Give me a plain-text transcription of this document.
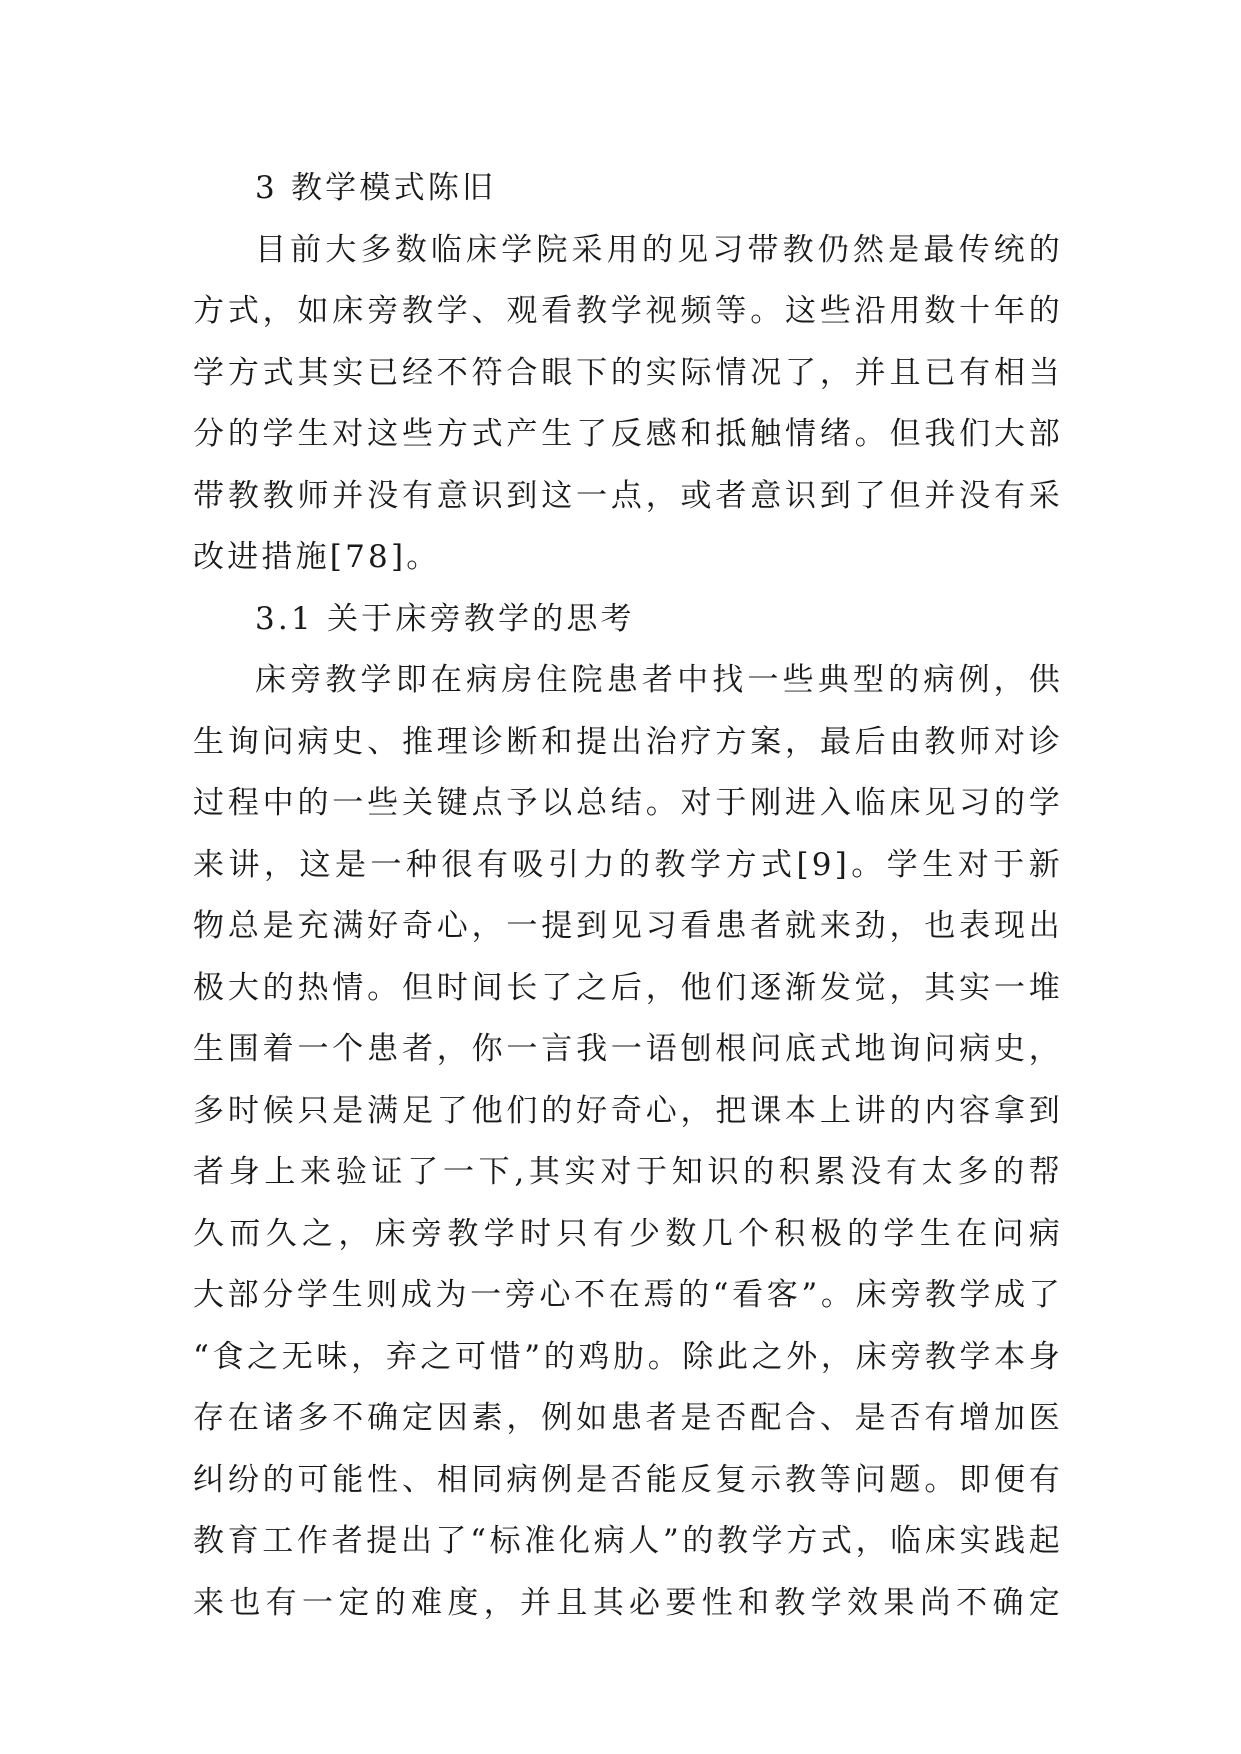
3 教学模式陈旧
目前大多数临床学院采用的见习带教仍然是最传统的
方式，如床旁教学、观看教学视频等。这些沿用数十年的
学方式其实已经不符合眼下的实际情况了，并且已有相当
分的学生对这些方式产生了反感和抵触情绪。但我们大部
带教教师并没有意识到这一点，或者意识到了但并没有采
改进措施[78]。
3.1 关于床旁教学的思考
床旁教学即在病房住院患者中找一些典型的病例，供
生询问病史、推理诊断和提出治疗方案，最后由教师对诊
过程中的一些关键点予以总结。对于刚进入临床见习的学
来讲，这是一种很有吸引力的教学方式[9]。学生对于新
物总是充满好奇心，一提到见习看患者就来劲，也表现出
极大的热情。但时间长了之后，他们逐渐发觉，其实一堆
生围着一个患者，你一言我一语刨根问底式地询问病史，
多时候只是满足了他们的好奇心，把课本上讲的内容拿到
者身上来验证了一下,其实对于知识的积累没有太多的帮
久而久之，床旁教学时只有少数几个积极的学生在问病
大部分学生则成为一旁心不在焉的“看客”。床旁教学成了
“食之无味，弃之可惜”的鸡肋。除此之外，床旁教学本身
存在诸多不确定因素，例如患者是否配合、是否有增加医
纠纷的可能性、相同病例是否能反复示教等问题。即便有
教育工作者提出了“标准化病人”的教学方式，临床实践起
来也有一定的难度，并且其必要性和教学效果尚不确定
